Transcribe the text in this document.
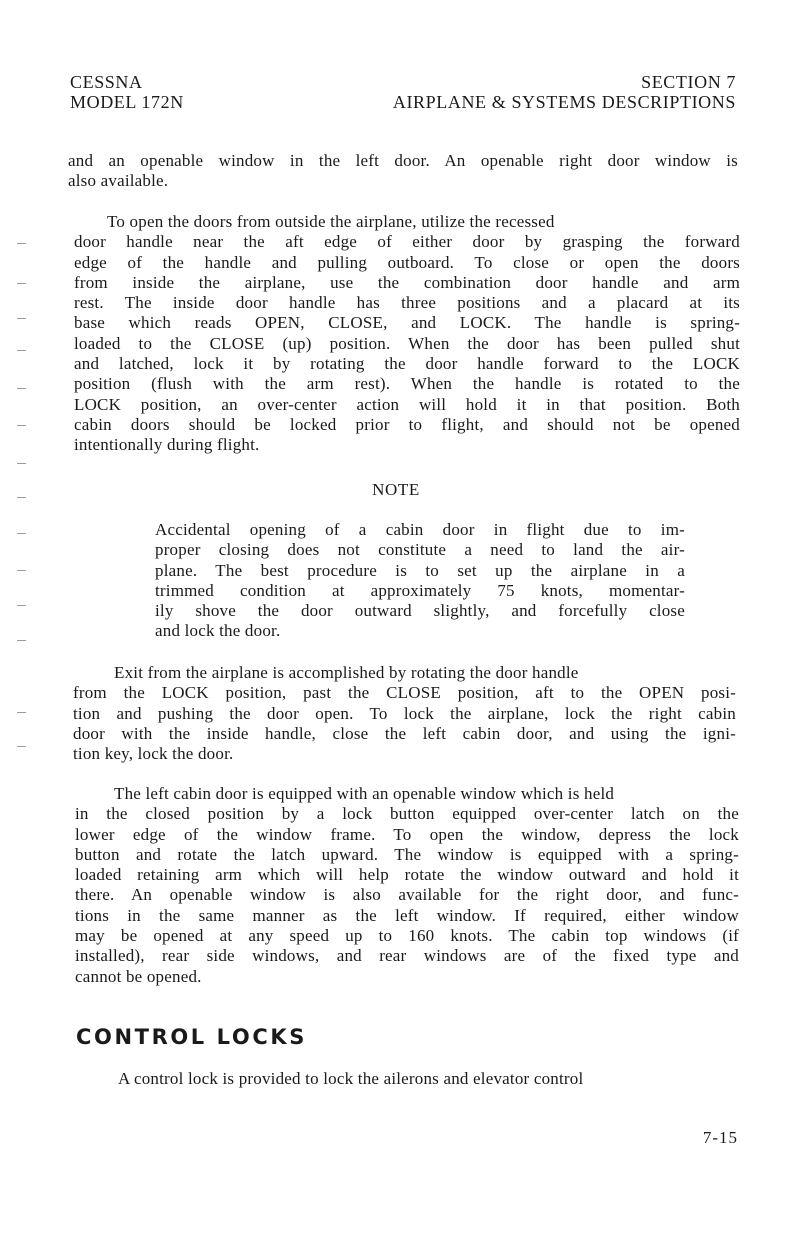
CESSNA
MODEL 172N
SECTION 7
AIRPLANE & SYSTEMS DESCRIPTIONS
and an openable window in the left door. An openable right door window is
also available.
To open the doors from outside the airplane, utilize the recessed
door handle near the aft edge of either door by grasping the forward
edge of the handle and pulling outboard. To close or open the doors
from inside the airplane, use the combination door handle and arm
rest. The inside door handle has three positions and a placard at its
base which reads OPEN, CLOSE, and LOCK. The handle is spring-
loaded to the CLOSE (up) position. When the door has been pulled shut
and latched, lock it by rotating the door handle forward to the LOCK
position (flush with the arm rest). When the handle is rotated to the
LOCK position, an over-center action will hold it in that position. Both
cabin doors should be locked prior to flight, and should not be opened
intentionally during flight.
NOTE
Accidental opening of a cabin door in flight due to im-
proper closing does not constitute a need to land the air-
plane. The best procedure is to set up the airplane in a
trimmed condition at approximately 75 knots, momentar-
ily shove the door outward slightly, and forcefully close
and lock the door.
Exit from the airplane is accomplished by rotating the door handle
from the LOCK position, past the CLOSE position, aft to the OPEN posi-
tion and pushing the door open. To lock the airplane, lock the right cabin
door with the inside handle, close the left cabin door, and using the igni-
tion key, lock the door.
The left cabin door is equipped with an openable window which is held
in the closed position by a lock button equipped over-center latch on the
lower edge of the window frame. To open the window, depress the lock
button and rotate the latch upward. The window is equipped with a spring-
loaded retaining arm which will help rotate the window outward and hold it
there. An openable window is also available for the right door, and func-
tions in the same manner as the left window. If required, either window
may be opened at any speed up to 160 knots. The cabin top windows (if
installed), rear side windows, and rear windows are of the fixed type and
cannot be opened.
CONTROL LOCKS
A control lock is provided to lock the ailerons and elevator control
7-15
